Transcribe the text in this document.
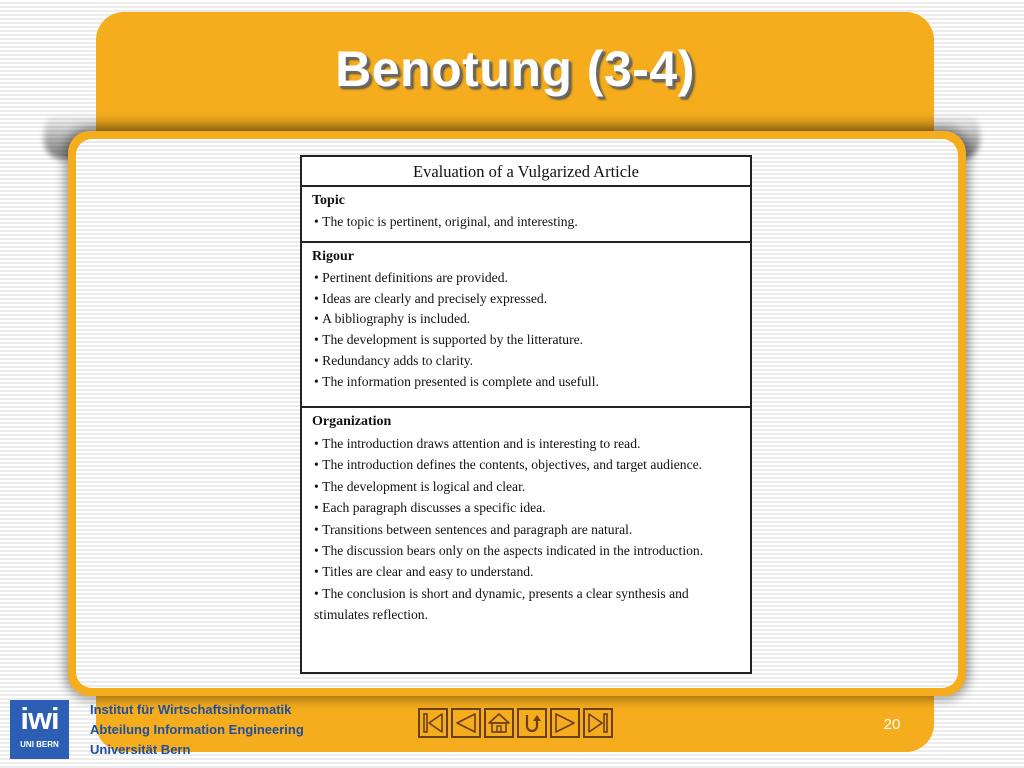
Benotung (3-4)
Evaluation of a Vulgarized Article
Topic
• The topic is pertinent, original, and interesting.
Rigour
• Pertinent definitions are provided.
• Ideas are clearly and precisely expressed.
• A bibliography is included.
• The development is supported by the litterature.
• Redundancy adds to clarity.
• The information presented is complete and usefull.
Organization
• The introduction draws attention and is interesting to read.
• The introduction defines the contents, objectives, and target audience.
• The development is logical and clear.
• Each paragraph discusses a specific idea.
• Transitions between sentences and paragraph are natural.
• The discussion bears only on the aspects indicated in the introduction.
• Titles are clear and easy to understand.
• The conclusion is short and dynamic, presents a clear synthesis and stimulates reflection.
iwi
UNI BERN
Institut für Wirtschaftsinformatik
Abteilung Information Engineering
Universität Bern
20
